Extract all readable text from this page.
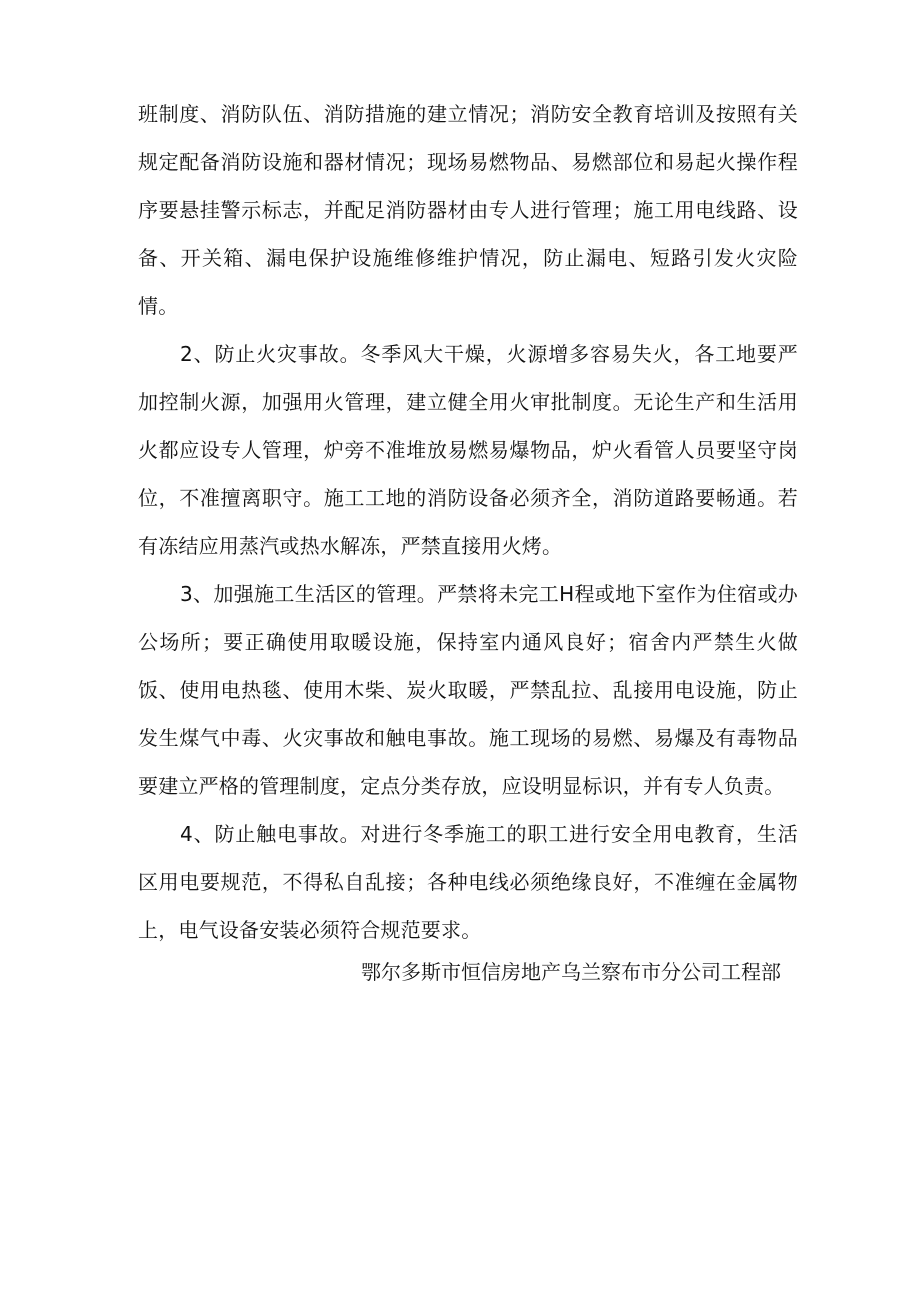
班制度、消防队伍、消防措施的建立情况；消防安全教育培训及按照有关规定配备消防设施和器材情况；现场易燃物品、易燃部位和易起火操作程序要悬挂警示标志，并配足消防器材由专人进行管理；施工用电线路、设备、开关箱、漏电保护设施维修维护情况，防止漏电、短路引发火灾险情。

2、防止火灾事故。冬季风大干燥，火源增多容易失火，各工地要严加控制火源，加强用火管理，建立健全用火审批制度。无论生产和生活用火都应设专人管理，炉旁不准堆放易燃易爆物品，炉火看管人员要坚守岗位，不准擅离职守。施工工地的消防设备必须齐全，消防道路要畅通。若有冻结应用蒸汽或热水解冻，严禁直接用火烤。

3、加强施工生活区的管理。严禁将未完工H程或地下室作为住宿或办公场所；要正确使用取暖设施，保持室内通风良好；宿舍内严禁生火做饭、使用电热毯、使用木柴、炭火取暖，严禁乱拉、乱接用电设施，防止发生煤气中毒、火灾事故和触电事故。施工现场的易燃、易爆及有毒物品要建立严格的管理制度，定点分类存放，应设明显标识，并有专人负责。

4、防止触电事故。对进行冬季施工的职工进行安全用电教育，生活区用电要规范，不得私自乱接；各种电线必须绝缘良好，不准缠在金属物上，电气设备安装必须符合规范要求。

鄂尔多斯市恒信房地产乌兰察布市分公司工程部
